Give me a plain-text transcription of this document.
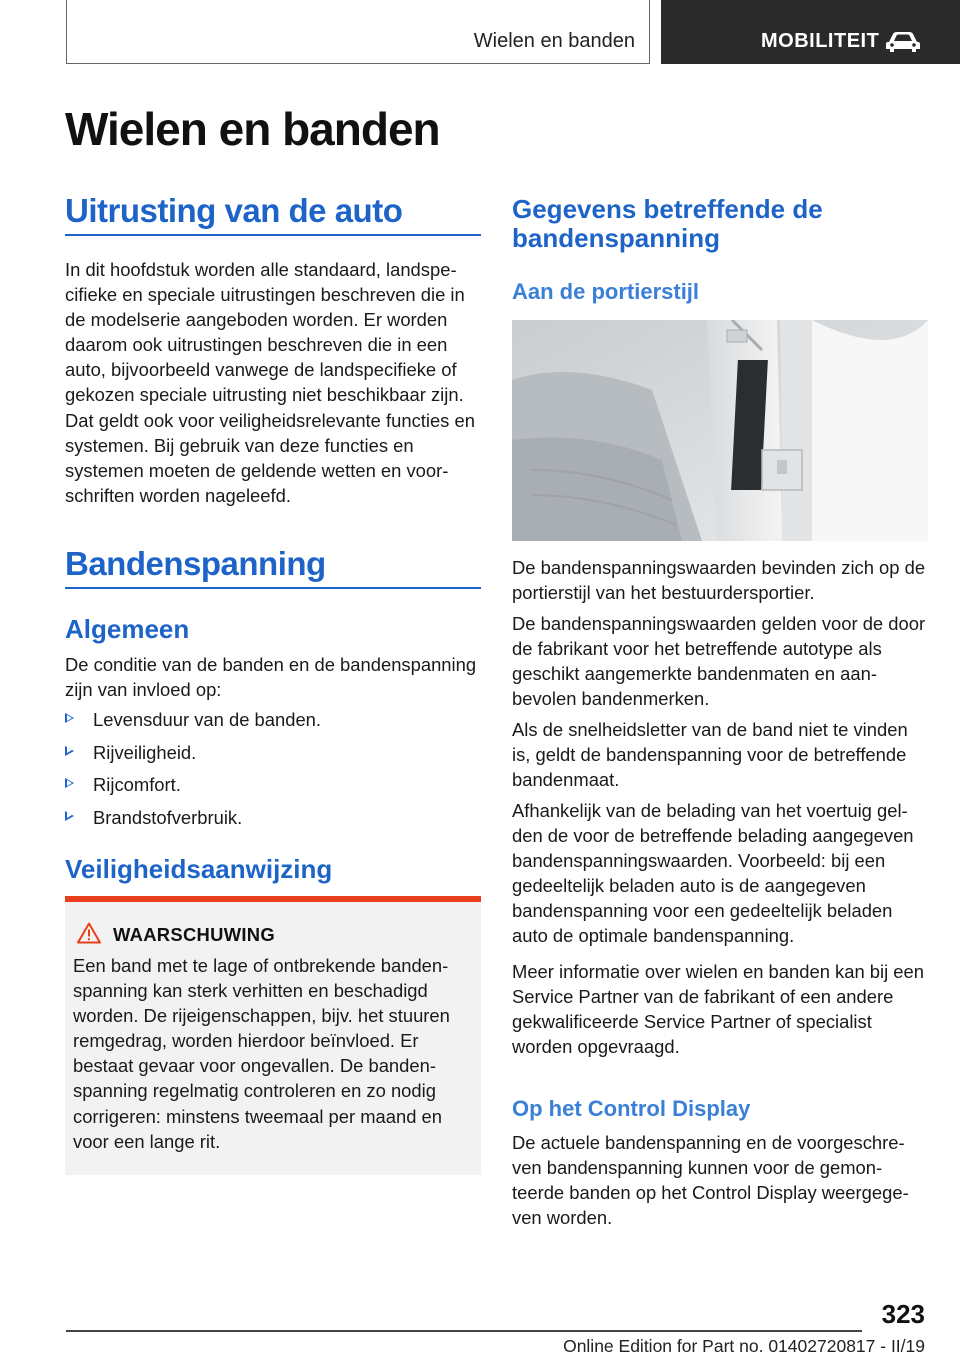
Wielen en banden	MOBILITEIT
Wielen en banden
Uitrusting van de auto

In dit hoofdstuk worden alle standaard, landspecifieke en speciale uitrustingen beschreven die in de modelserie aangeboden worden. Er worden daarom ook uitrustingen beschreven die in een auto, bijvoorbeeld vanwege de landspecifieke of gekozen speciale uitrusting niet beschikbaar zijn. Dat geldt ook voor veiligheidsrelevante functies en systemen. Bij gebruik van deze functies en systemen moeten de geldende wetten en voorschriften worden nageleefd.

Bandenspanning
Algemeen

De conditie van de banden en de bandenspanning zijn van invloed op:

Levensduur van de banden.
Rijveiligheid.
Rijcomfort.
Brandstofverbruik.
Veiligheidsaanwijzing
WAARSCHUWING

Een band met te lage of ontbrekende bandenspanning kan sterk verhitten en beschadigd worden. De rijeigenschappen, bijv. het stuuren remgedrag, worden hierdoor beïnvloed. Er bestaat gevaar voor ongevallen. De bandenspanning regelmatig controleren en zo nodig corrigeren: minstens tweemaal per maand en voor een lange rit.

Gegevens betreffende de bandenspanning
Aan de portierstijl

De bandenspanningswaarden bevinden zich op de portierstijl van het bestuurdersportier.

De bandenspanningswaarden gelden voor de door de fabrikant voor het betreffende autotype als geschikt aangemerkte bandenmaten en aanbevolen bandenmerken.

Als de snelheidsletter van de band niet te vinden is, geldt de bandenspanning voor de betreffende bandenmaat.

Afhankelijk van de belading van het voertuig gelden de voor de betreffende belading aangegeven bandenspanningswaarden. Voorbeeld: bij een gedeeltelijk beladen auto is de aangegeven bandenspanning voor een gedeeltelijk beladen auto de optimale bandenspanning.

Meer informatie over wielen en banden kan bij een Service Partner van de fabrikant of een andere gekwalificeerde Service Partner of specialist worden opgevraagd.

Op het Control Display

De actuele bandenspanning en de voorgeschreven bandenspanning kunnen voor de gemonteerde banden op het Control Display weergegeven worden.

323
Online Edition for Part no. 01402720817 - II/19
